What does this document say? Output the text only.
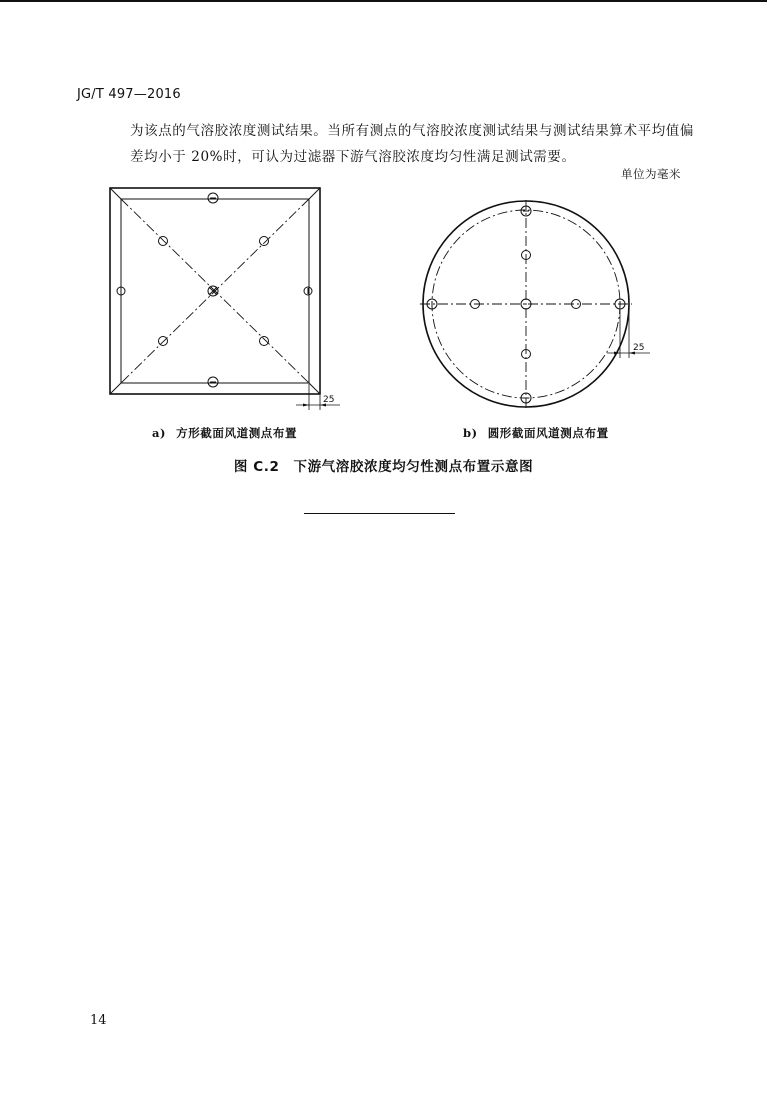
JG/T 497—2016

为该点的气溶胶浓度测试结果。当所有测点的气溶胶浓度测试结果与测试结果算术平均值偏差均小于 20%时，可认为过滤器下游气溶胶浓度均匀性满足测试需要。

单位为毫米
25
25
a) 方形截面风道测点布置	b) 圆形截面风道测点布置
图 C.2 下游气溶胶浓度均匀性测点布置示意图
14
